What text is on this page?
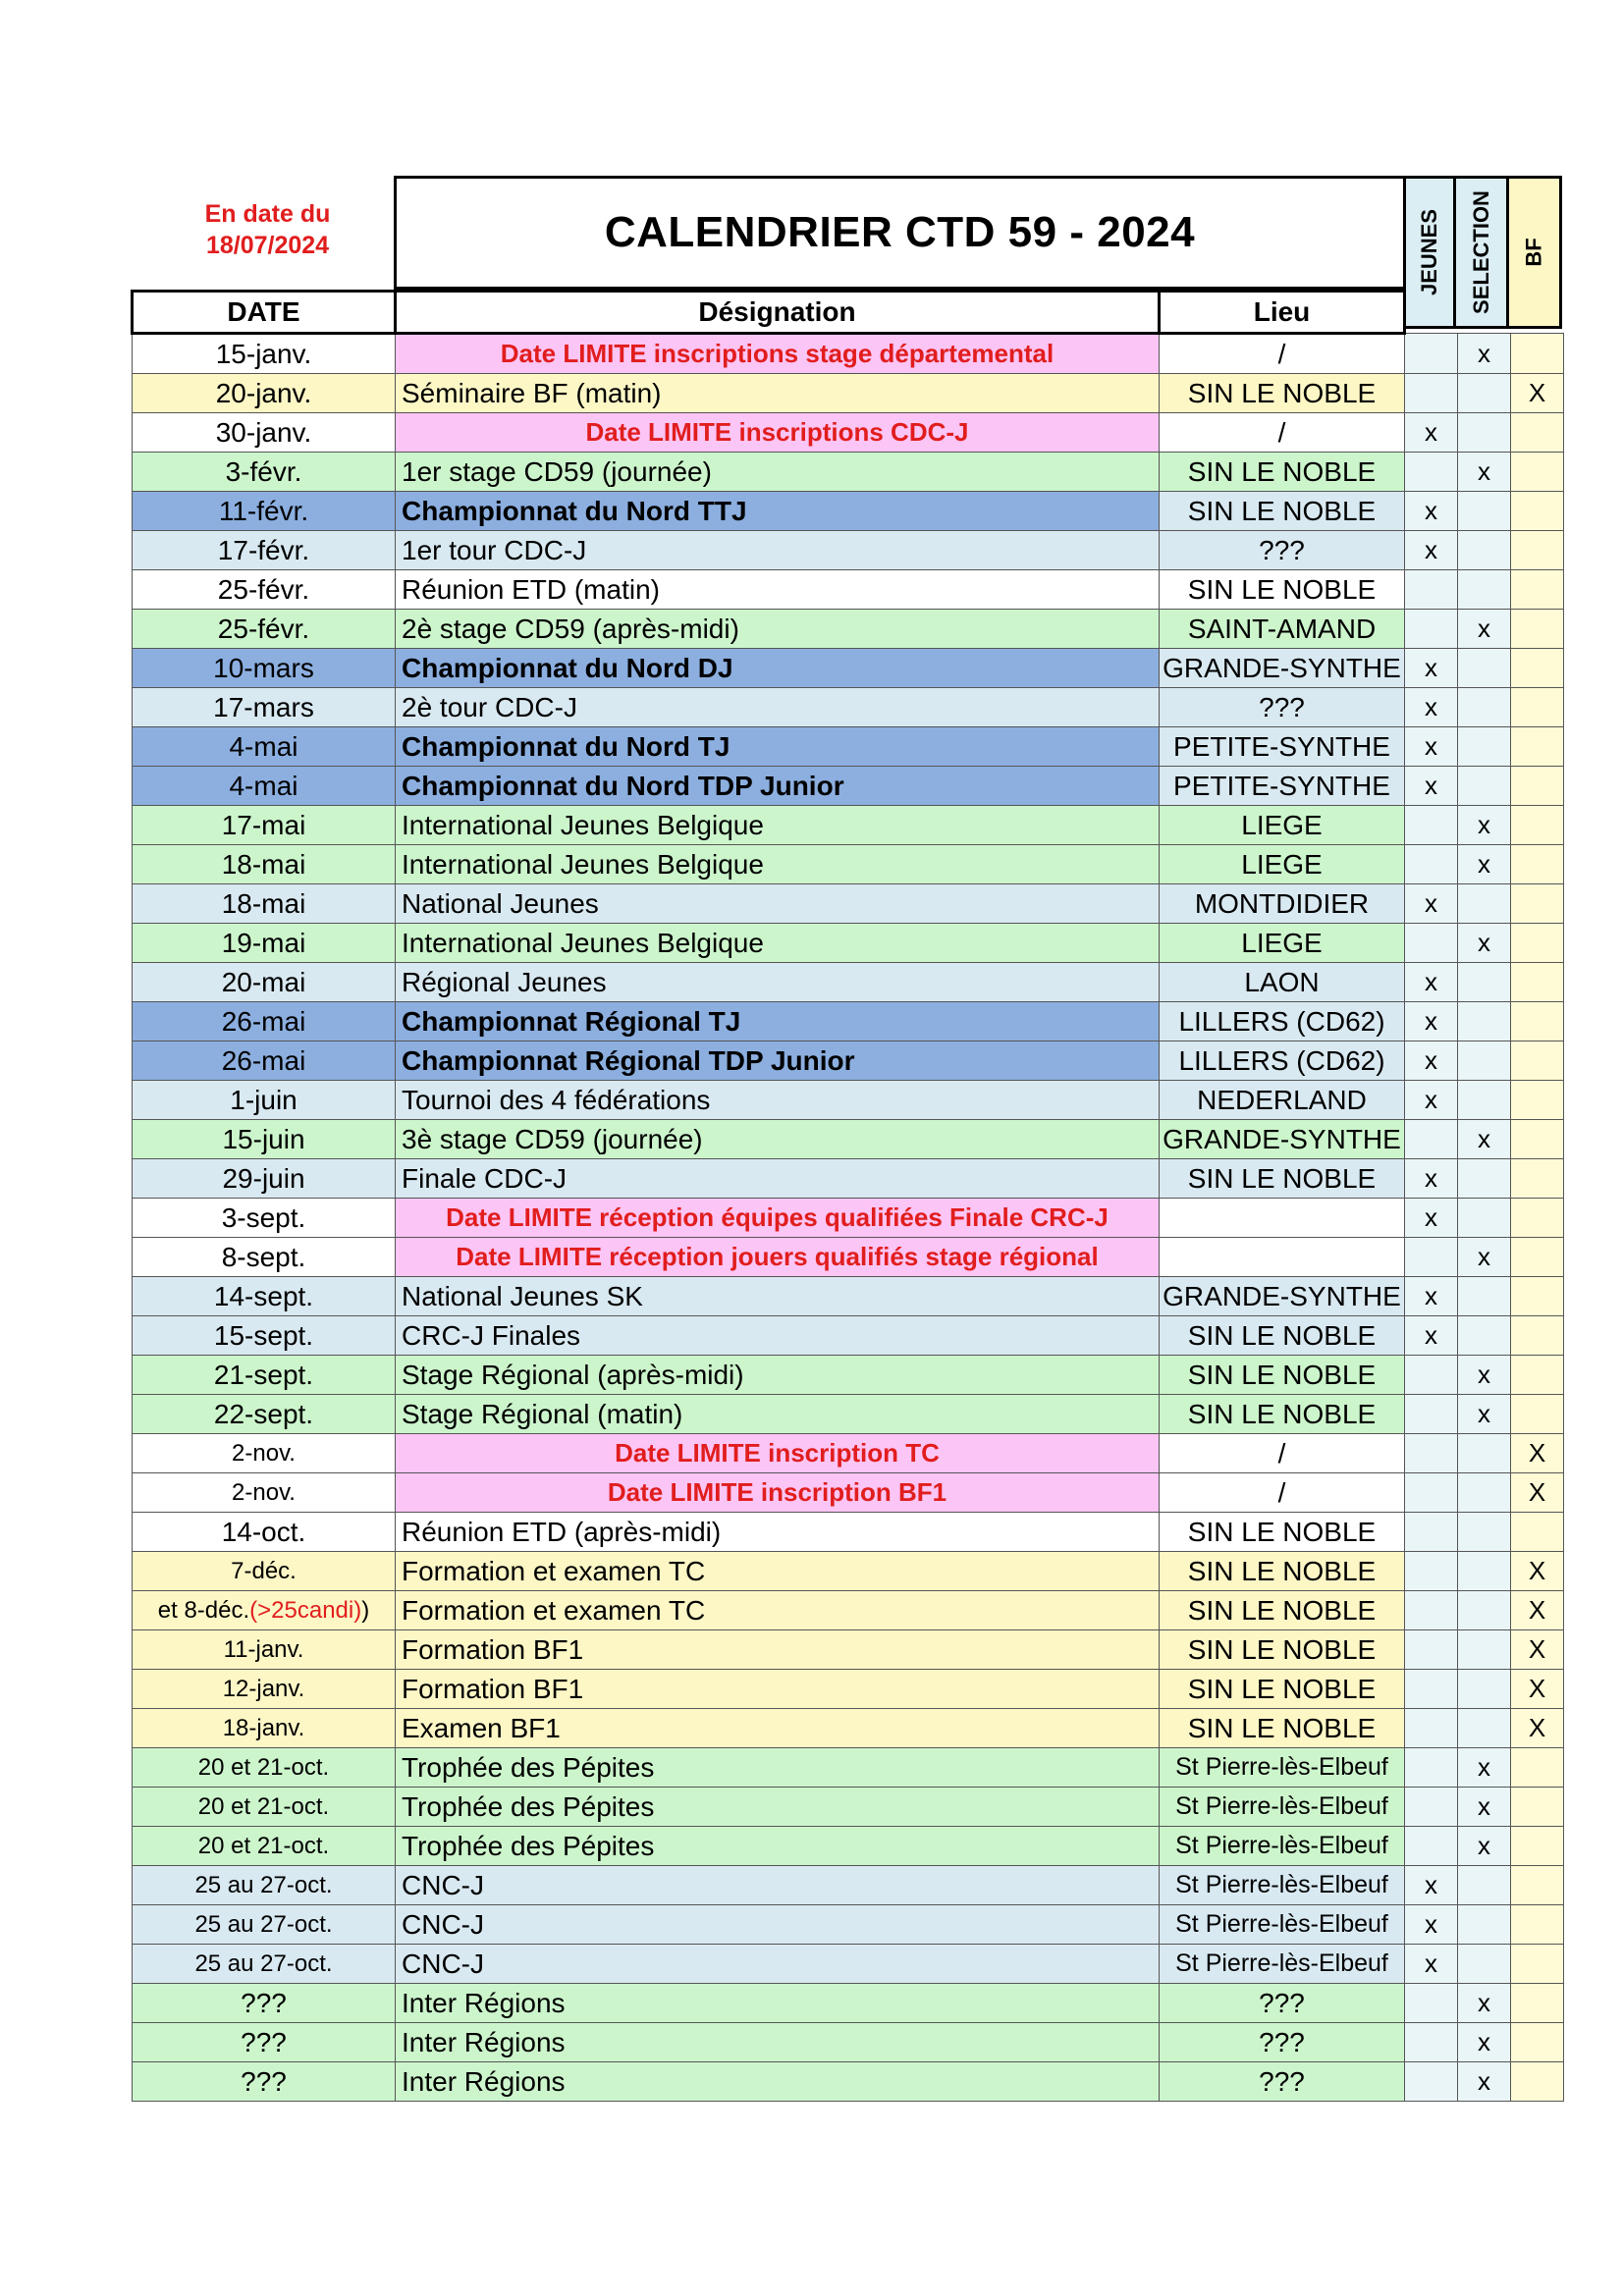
En date du
18/07/2024	CALENDRIER CTD 59 - 2024	JEUNES SELECTION BF
DATE	Désignation	Lieu			
15-janv.	Date LIMITE inscriptions stage départemental	/		x	
20-janv.	Séminaire BF (matin)	SIN LE NOBLE			X
30-janv.	Date LIMITE inscriptions CDC-J	/	x		
3-févr.	1er stage CD59 (journée)	SIN LE NOBLE		x	
11-févr.	Championnat du Nord TTJ	SIN LE NOBLE	x		
17-févr.	1er tour CDC-J	???	x		
25-févr.	Réunion ETD (matin)	SIN LE NOBLE			
25-févr.	2è stage CD59 (après-midi)	SAINT-AMAND		x	
10-mars	Championnat du Nord DJ	GRANDE-SYNTHE	x		
17-mars	2è tour CDC-J	???	x		
4-mai	Championnat du Nord TJ	PETITE-SYNTHE	x		
4-mai	Championnat du Nord TDP Junior	PETITE-SYNTHE	x		
17-mai	International Jeunes Belgique	LIEGE		x	
18-mai	International Jeunes Belgique	LIEGE		x	
18-mai	National Jeunes	MONTDIDIER	x		
19-mai	International Jeunes Belgique	LIEGE		x	
20-mai	Régional Jeunes	LAON	x		
26-mai	Championnat Régional TJ	LILLERS (CD62)	x		
26-mai	Championnat Régional TDP Junior	LILLERS (CD62)	x		
1-juin	Tournoi des 4 fédérations	NEDERLAND	x		
15-juin	3è stage CD59 (journée)	GRANDE-SYNTHE		x	
29-juin	Finale CDC-J	SIN LE NOBLE	x		
3-sept.	Date LIMITE réception équipes qualifiées Finale CRC-J		x		
8-sept.	Date LIMITE réception jouers qualifiés stage régional			x	
14-sept.	National Jeunes SK	GRANDE-SYNTHE	x		
15-sept.	CRC-J Finales	SIN LE NOBLE	x		
21-sept.	Stage Régional (après-midi)	SIN LE NOBLE		x	
22-sept.	Stage Régional (matin)	SIN LE NOBLE		x	
2-nov.	Date LIMITE inscription TC	/			X
2-nov.	Date LIMITE inscription BF1	/			X
14-oct.	Réunion ETD (après-midi)	SIN LE NOBLE			
7-déc.	Formation et examen TC	SIN LE NOBLE			X
et 8-déc.(>25candi))	Formation et examen TC	SIN LE NOBLE			X
11-janv.	Formation BF1	SIN LE NOBLE			X
12-janv.	Formation BF1	SIN LE NOBLE			X
18-janv.	Examen BF1	SIN LE NOBLE			X
20 et 21-oct.	Trophée des Pépites	St Pierre-lès-Elbeuf		x	
20 et 21-oct.	Trophée des Pépites	St Pierre-lès-Elbeuf		x	
20 et 21-oct.	Trophée des Pépites	St Pierre-lès-Elbeuf		x	
25 au 27-oct.	CNC-J	St Pierre-lès-Elbeuf	x		
25 au 27-oct.	CNC-J	St Pierre-lès-Elbeuf	x		
25 au 27-oct.	CNC-J	St Pierre-lès-Elbeuf	x		
???	Inter Régions	???		x	
???	Inter Régions	???		x	
???	Inter Régions	???		x	
